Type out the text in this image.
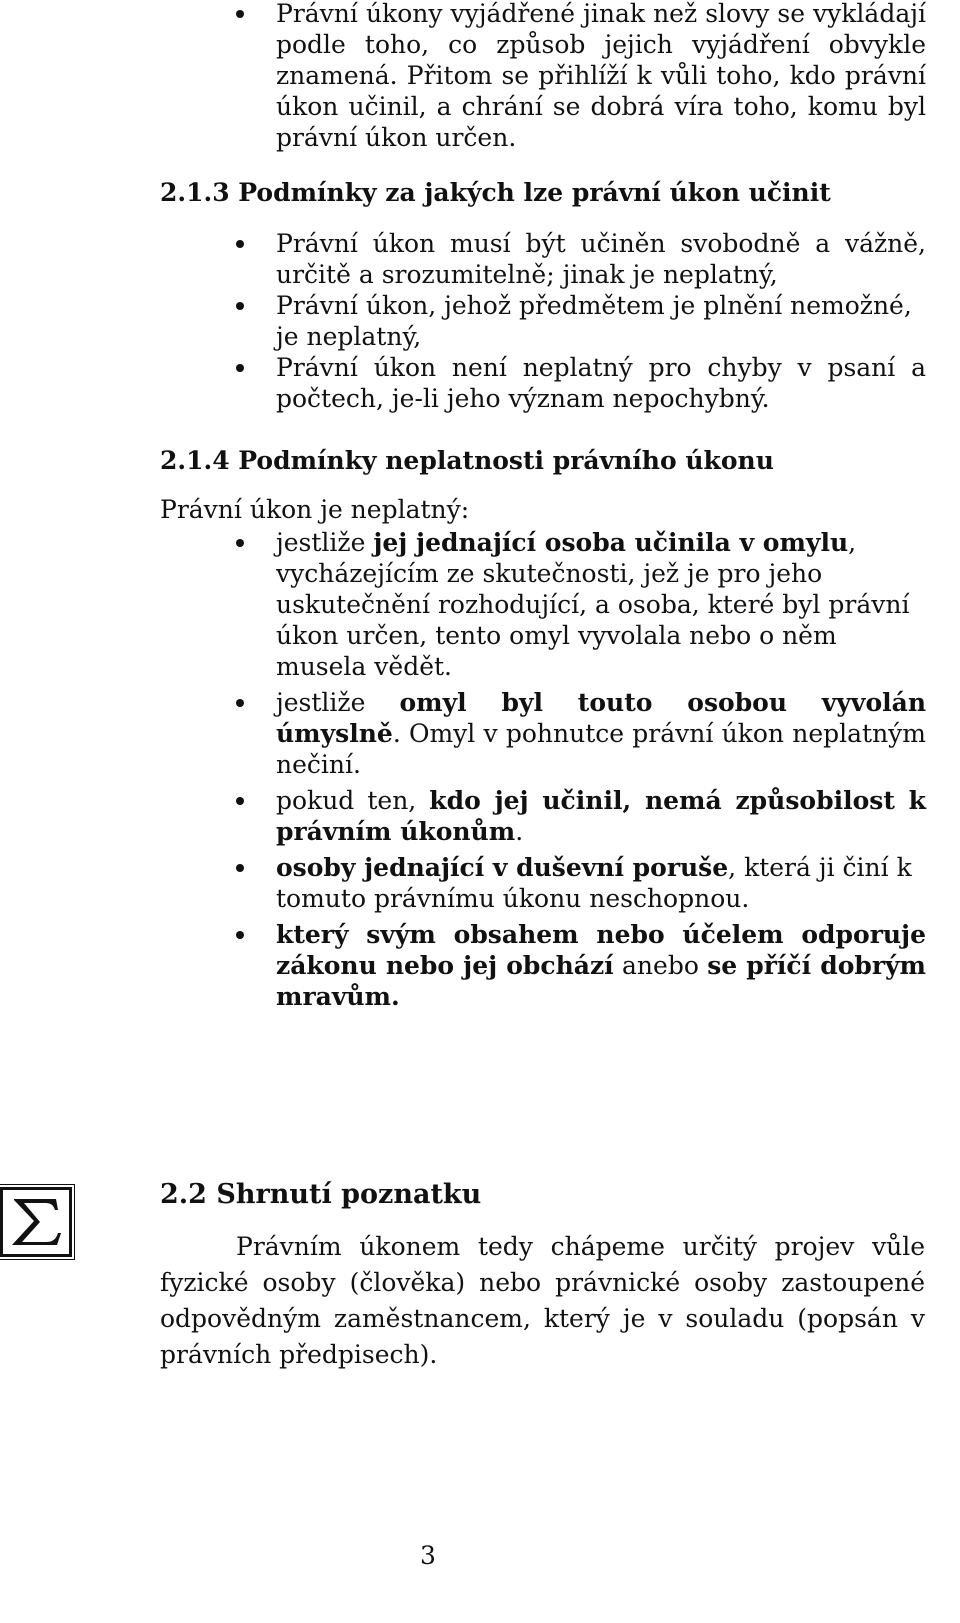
Právní úkony vyjádřené jinak než slovy se vykládají podle toho, co způsob jejich vyjádření obvykle znamená. Přitom se přihlíží k vůli toho, kdo právní úkon učinil, a chrání se dobrá víra toho, komu byl právní úkon určen.
2.1.3 Podmínky za jakých lze právní úkon učinit
Právní úkon musí být učiněn svobodně a vážně, určitě a srozumitelně; jinak je neplatný,
Právní úkon, jehož předmětem je plnění nemožné, je neplatný,
Právní úkon není neplatný pro chyby v psaní a počtech, je-li jeho význam nepochybný.
2.1.4 Podmínky neplatnosti právního úkonu
Právní úkon je neplatný:
jestliže jej jednající osoba učinila v omylu, vycházejícím ze skutečnosti, jež je pro jeho uskutečnění rozhodující, a osoba, které byl právní úkon určen, tento omyl vyvolala nebo o něm musela vědět.
jestliže omyl byl touto osobou vyvolán úmyslně. Omyl v pohnutce právní úkon neplatným nečiní.
pokud ten, kdo jej učinil, nemá způsobilost k právním úkonům.
osoby jednající v duševní poruše, která ji činí k tomuto právnímu úkonu neschopnou.
který svým obsahem nebo účelem odporuje zákonu nebo jej obchází anebo se příčí dobrým mravům.
2.2 Shrnutí poznatku
Právním úkonem tedy chápeme určitý projev vůle fyzické osoby (člověka) nebo právnické osoby zastoupené odpovědným zaměstnancem, který je v souladu (popsán v právních předpisech).
3
